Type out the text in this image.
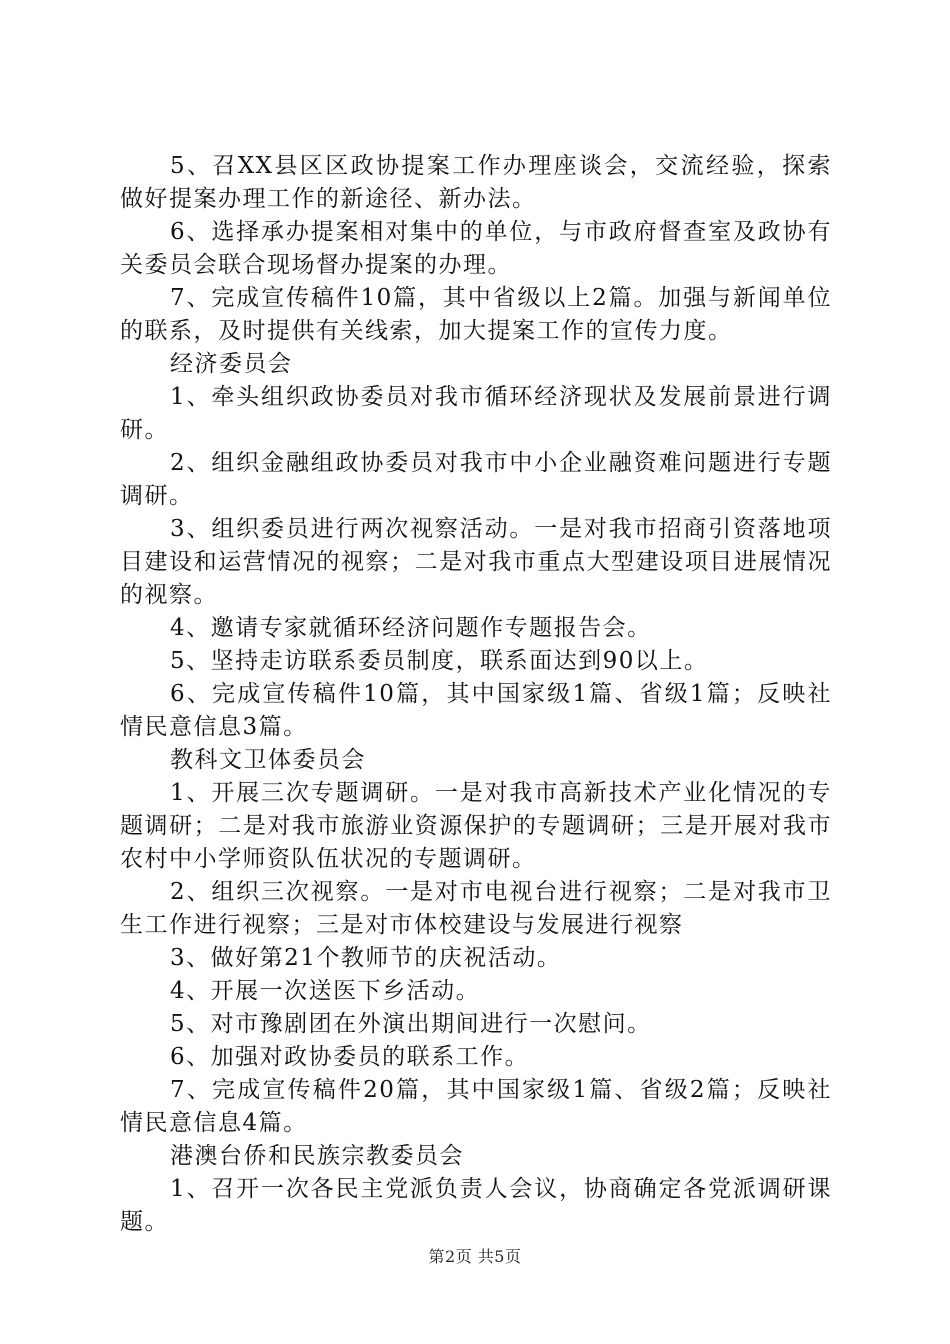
5、召XX县区区政协提案工作办理座谈会，交流经验，探索做好提案办理工作的新途径、新办法。

6、选择承办提案相对集中的单位，与市政府督查室及政协有关委员会联合现场督办提案的办理。

7、完成宣传稿件10篇，其中省级以上2篇。加强与新闻单位的联系，及时提供有关线索，加大提案工作的宣传力度。

经济委员会

1、牵头组织政协委员对我市循环经济现状及发展前景进行调研。

2、组织金融组政协委员对我市中小企业融资难问题进行专题调研。

3、组织委员进行两次视察活动。一是对我市招商引资落地项目建设和运营情况的视察；二是对我市重点大型建设项目进展情况的视察。

4、邀请专家就循环经济问题作专题报告会。

5、坚持走访联系委员制度，联系面达到90以上。

6、完成宣传稿件10篇，其中国家级1篇、省级1篇；反映社情民意信息3篇。

教科文卫体委员会

1、开展三次专题调研。一是对我市高新技术产业化情况的专题调研；二是对我市旅游业资源保护的专题调研；三是开展对我市农村中小学师资队伍状况的专题调研。

2、组织三次视察。一是对市电视台进行视察；二是对我市卫生工作进行视察；三是对市体校建设与发展进行视察

3、做好第21个教师节的庆祝活动。

4、开展一次送医下乡活动。

5、对市豫剧团在外演出期间进行一次慰问。

6、加强对政协委员的联系工作。

7、完成宣传稿件20篇，其中国家级1篇、省级2篇；反映社情民意信息4篇。

港澳台侨和民族宗教委员会

1、召开一次各民主党派负责人会议，协商确定各党派调研课题。

第2页 共5页
